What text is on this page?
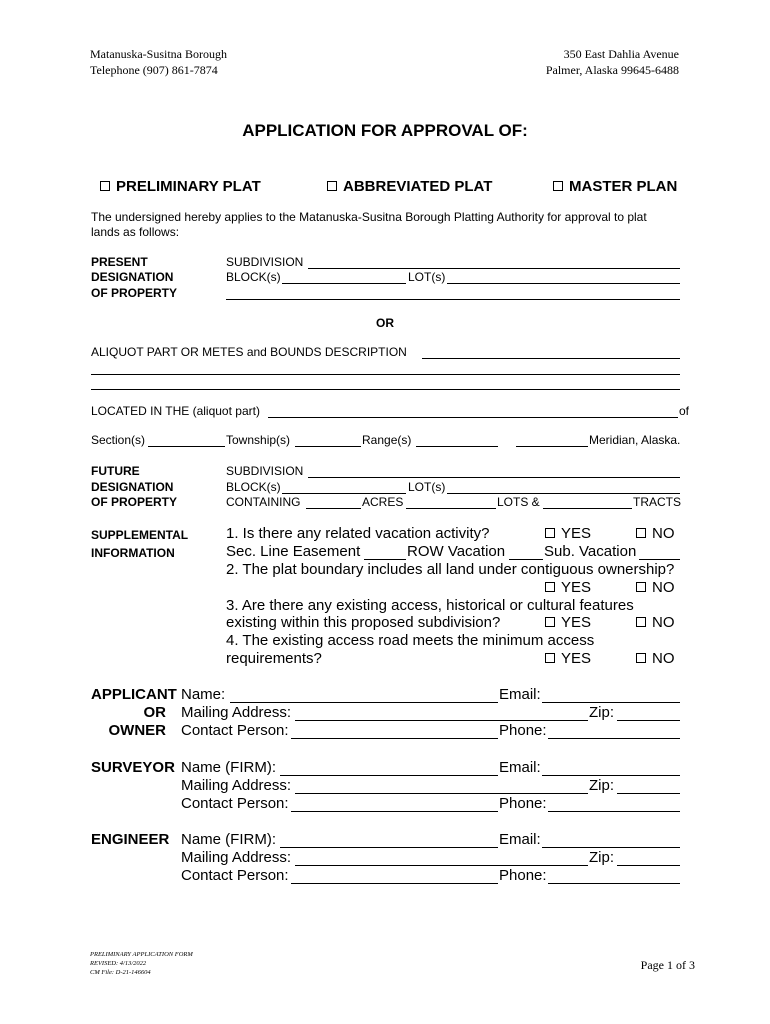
Matanuska-Susitna Borough
Telephone (907) 861-7874
350 East Dahlia Avenue
Palmer, Alaska 99645-6488
APPLICATION FOR APPROVAL OF:
PRELIMINARY PLAT	ABBREVIATED PLAT	MASTER PLAN
The undersigned hereby applies to the Matanuska-Susitna Borough Platting Authority for approval to plat
lands as follows:
PRESENT
DESIGNATION
OF PROPERTY
SUBDIVISION
BLOCK(s)	LOT(s)
OR
ALIQUOT PART OR METES and BOUNDS DESCRIPTION
LOCATED IN THE (aliquot part)	of
Section(s)	Township(s)	Range(s)	Meridian, Alaska.
FUTURE
DESIGNATION
OF PROPERTY
SUBDIVISION
BLOCK(s)	LOT(s)
CONTAINING	ACRES	LOTS &	TRACTS
SUPPLEMENTAL
INFORMATION
1. Is there any related vacation activity?	YES	NO
Sec. Line Easement	ROW Vacation	Sub. Vacation
2. The plat boundary includes all land under contiguous ownership?
YES	NO
3. Are there any existing access, historical or cultural features
existing within this proposed subdivision?	YES	NO
4. The existing access road meets the minimum access
requirements?	YES	NO
APPLICANT
OR
OWNER
Name:	Email:
Mailing Address:	Zip:
Contact Person:	Phone:
SURVEYOR Name (FIRM):	Email:
Mailing Address:	Zip:
Contact Person:	Phone:
ENGINEER Name (FIRM):	Email:
Mailing Address:	Zip:
Contact Person:	Phone:
PRELIMINARY APPLICATION FORM
REVISED: 4/13/2022
CM File: D-21-146604
Page 1 of 3
